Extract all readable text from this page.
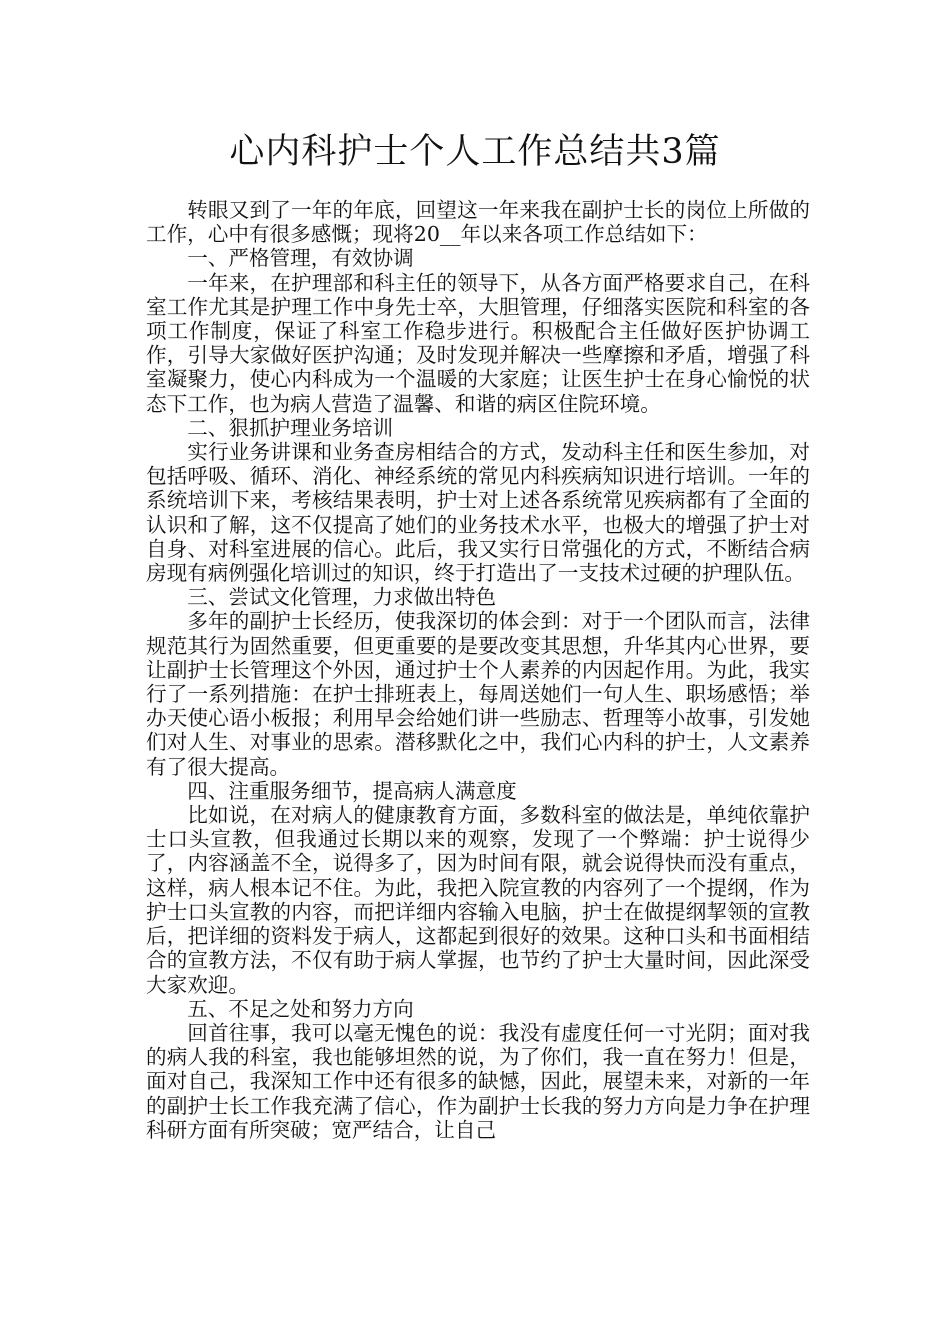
心内科护士个人工作总结共3篇

转眼又到了一年的年底，回望这一年来我在副护士长的岗位上所做的工作，心中有很多感慨；现将20__年以来各项工作总结如下：

一、严格管理，有效协调

一年来，在护理部和科主任的领导下，从各方面严格要求自己，在科室工作尤其是护理工作中身先士卒，大胆管理，仔细落实医院和科室的各项工作制度，保证了科室工作稳步进行。积极配合主任做好医护协调工作，引导大家做好医护沟通；及时发现并解决一些摩擦和矛盾，增强了科室凝聚力，使心内科成为一个温暖的大家庭；让医生护士在身心愉悦的状态下工作，也为病人营造了温馨、和谐的病区住院环境。

二、狠抓护理业务培训

实行业务讲课和业务查房相结合的方式，发动科主任和医生参加，对包括呼吸、循环、消化、神经系统的常见内科疾病知识进行培训。一年的系统培训下来，考核结果表明，护士对上述各系统常见疾病都有了全面的认识和了解，这不仅提高了她们的业务技术水平，也极大的增强了护士对自身、对科室进展的信心。此后，我又实行日常强化的方式，不断结合病房现有病例强化培训过的知识，终于打造出了一支技术过硬的护理队伍。

三、尝试文化管理，力求做出特色

多年的副护士长经历，使我深切的体会到：对于一个团队而言，法律规范其行为固然重要，但更重要的是要改变其思想，升华其内心世界，要让副护士长管理这个外因，通过护士个人素养的内因起作用。为此，我实行了一系列措施：在护士排班表上，每周送她们一句人生、职场感悟；举办天使心语小板报；利用早会给她们讲一些励志、哲理等小故事，引发她们对人生、对事业的思索。潜移默化之中，我们心内科的护士，人文素养有了很大提高。

四、注重服务细节，提高病人满意度

比如说，在对病人的健康教育方面，多数科室的做法是，单纯依靠护士口头宣教，但我通过长期以来的观察，发现了一个弊端：护士说得少了，内容涵盖不全，说得多了，因为时间有限，就会说得快而没有重点，这样，病人根本记不住。为此，我把入院宣教的内容列了一个提纲，作为护士口头宣教的内容，而把详细内容输入电脑，护士在做提纲挈领的宣教后，把详细的资料发于病人，这都起到很好的效果。这种口头和书面相结合的宣教方法，不仅有助于病人掌握，也节约了护士大量时间，因此深受大家欢迎。

五、不足之处和努力方向

回首往事，我可以毫无愧色的说：我没有虚度任何一寸光阴；面对我的病人我的科室，我也能够坦然的说，为了你们，我一直在努力！但是，面对自己，我深知工作中还有很多的缺憾，因此，展望未来，对新的一年的副护士长工作我充满了信心，作为副护士长我的努力方向是力争在护理科研方面有所突破；宽严结合，让自己
